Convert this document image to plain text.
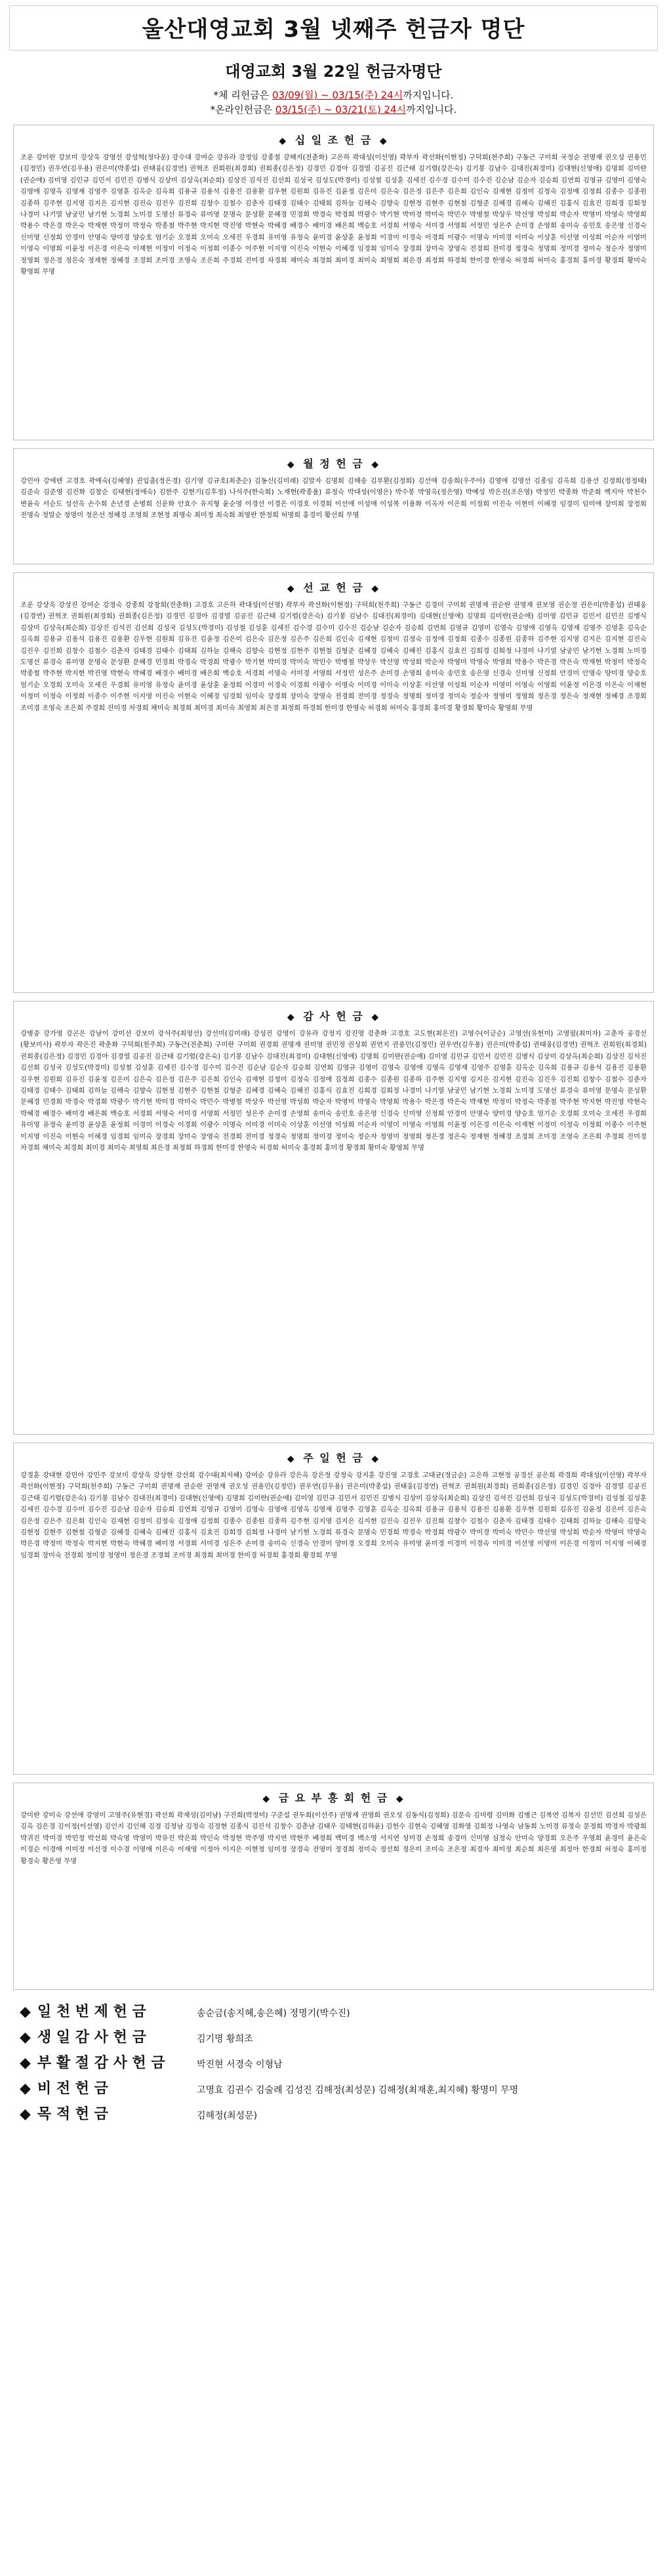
울산대영교회 3월 넷째주 헌금자 명단
대영교회 3월 22일 헌금자명단
*체 리헌금은 03/09(월) ~ 03/15(주) 24시까지입니다.
*온라인헌금은 03/15(주) ~ 03/21(토) 24시까지입니다.
◆ 십 일 조 헌 금 ◆
조운 강미란 강보미 강상욱 강영선 강성혁(정다운) 강수대 강여순 강유라 강정임 강종철 강해지(전춘화) 고은하 곽대성(이선영) 곽부자 곽선화(이현정) 구덕희(천주희) 구동근 구미희 국정순 권명재 권오성 권용민(김정민) 권우연(김우용) 권은미(박종섭) 권태웅(김경연) 권혁조 권희원(최경희) 권희종(김은정) 김경민 김경아 김경열 김공진 김근태 김기렬(강은숙) 김기봉 김남수 김대진(최경미) 김대현(신영애) 김명희 김미란(권순애) 김미영 김민규 김민서 김민진 김병식 김상미 김상옥(최순희) 김상진 김석진 김선희 김성국 김성도(박경미) 김성철 김성훈 김세진 김수경 김수미 김수진 김순남 김순자 김승희 김연희 김영규 김영미 김영숙 김영애 김영옥 김영재 김영주 김영훈 김옥순 김옥희 김용규 김용석 김용진 김용환 김우현 김원희 김유진 김윤정 김은미 김은숙 김은정 김은주 김은희 김인숙 김재현 김정미 김정숙 김정애 김정희 김종수 김종원 김종하 김주현 김지영 김지은 김지현 김진숙 김진우 김진희 김창수 김철수 김춘자 김태경 김태수 김태희 김하늘 김해숙 김향숙 김현정 김현주 김현철 김형준 김혜경 김혜숙 김혜진 김홍식 김효진 김희경 김희정 나경미 나기열 남궁민 남기현 노경희 노미경 도명선 류경숙 류미영 문명숙 문성환 문혜경 민경희 박경숙 박경희 박광수 박기현 박미경 박미숙 박민수 박병철 박상우 박선영 박성희 박순자 박영미 박영숙 박영희 박용수 박은경 박은숙 박재현 박정미 박정숙 박종철 박주현 박지현 박진영 박현숙 박혜경 배경수 배미경 배은희 백승호 서경희 서명숙 서미경 서영희 서정민 성은주 손미경 손영희 송미숙 송민호 송은영 신경숙 신미영 신정희 안경미 안명숙 양미경 양승호 엄기순 오경희 오미숙 오세진 우경희 유미영 유정숙 윤미경 윤상훈 윤정희 이경미 이경숙 이경희 이광수 이명숙 이미경 이미숙 이상훈 이선영 이성희 이순자 이영미 이영숙 이영희 이윤정 이은경 이은숙 이재현 이정미 이정숙 이정희 이종수 이주현 이지영 이진숙 이현숙 이혜경 임경희 임미숙 장경희 장미숙 장영숙 전경희 전미경 정경숙 정명희 정미경 정미숙 정순자 정영미 정영희 정은경 정은숙 정재현 정혜경 조경희 조미경 조영숙 조은희 주경희 진미경 차경희 채미숙 최경희 최미경 최미숙 최영희 최은경 최정희 하경희 한미경 한영숙 허경희 허미숙 홍경희 홍미경 황경희 황미숙 황영희 무명
◆ 월 정 헌 금 ◆
강민아 강에덴 고경호 곽애숙(김혜영) 권입출(정은경) 김기영 김규호(최춘순) 김동신(김미래) 김말자 김명희 김해송 김부환(김정희) 김선애 김송희(우주아) 김영애 김영선 김종임 김옥희 김용선 김정희(정정태) 김준숙 김준영 김진화 김창순 김태현(정애숙) 김한주 김현기(김후정) 나석주(한숙희) 노재현(곽종율) 류정숙 박대성(이영은) 박수봉 박영옥(정은영) 박예성 박은진(조은영) 박정민 박종화 박준희 백지아 박천수 변윤숙 서순도 성선옥 손수희 손년경 손병희 신운화 안효수 유지형 윤순영 이경선 이경은 이경호 이경희 이선애 이성애 이성복 이용화 이옥자 이은희 이정희 이진숙 이현미 이혜경 임경미 임미애 장미희 장정희 전명숙 정말순 정영미 정은선 정혜경 조영희 조현정 최명숙 최미정 최숙희 최영란 한정희 허명희 홍경미 황선희 무명
◆ 선 교 헌 금 ◆
조운 강상욱 강성진 강여순 강정숙 강종희 강창희(전춘화) 고경호 고은하 곽대성(이선영) 곽부자 곽선화(이현정) 구덕희(천주희) 구동근 김경미 구미희 권명재 권순란 권영재 권보영 권순정 권은미(박종섭) 권태웅(김경연) 권혁조 권희원(최경희) 권희종(김은정) 김경민 김경아 김경열 김공진 김근태 김기렬(강은숙) 김기봉 김남수 김대진(최경미) 김대현(신영애) 김명희 김미란(권순애) 김미영 김민규 김민서 김민진 김병식 김상미 김상옥(최순희) 김상진 김석진 김선희 김성국 김성도(박경미) 김성철 김성훈 김세진 김수경 김수미 김수진 김순남 김순자 김승희 김연희 김영규 김영미 김영숙 김영애 김영옥 김영재 김영주 김영훈 김옥순 김옥희 김용규 김용석 김용진 김용환 김우현 김원희 김유진 김윤정 김은미 김은숙 김은정 김은주 김은희 김인숙 김재현 김정미 김정숙 김정애 김정희 김종수 김종원 김종하 김주현 김지영 김지은 김지현 김진숙 김진우 김진희 김창수 김철수 김춘자 김태경 김태수 김태희 김하늘 김해숙 김향숙 김현정 김현주 김현철 김형준 김혜경 김혜숙 김혜진 김홍식 김효진 김희경 김희정 나경미 나기열 남궁민 남기현 노경희 노미경 도명선 류경숙 류미영 문명숙 문성환 문혜경 민경희 박경숙 박경희 박광수 박기현 박미경 박미숙 박민수 박병철 박상우 박선영 박성희 박순자 박영미 박영숙 박영희 박용수 박은경 박은숙 박재현 박정미 박정숙 박종철 박주현 박지현 박진영 박현숙 박혜경 배경수 배미경 배은희 백승호 서경희 서명숙 서미경 서영희 서정민 성은주 손미경 손영희 송미숙 송민호 송은영 신경숙 신미영 신정희 안경미 안명숙 양미경 양승호 엄기순 오경희 오미숙 오세진 우경희 유미영 유정숙 윤미경 윤상훈 윤정희 이경미 이경숙 이경희 이광수 이명숙 이미경 이미숙 이상훈 이선영 이성희 이순자 이영미 이영숙 이영희 이윤정 이은경 이은숙 이재현 이정미 이정숙 이정희 이종수 이주현 이지영 이진숙 이현숙 이혜경 임경희 임미숙 장경희 장미숙 장영숙 전경희 전미경 정경숙 정명희 정미경 정미숙 정순자 정영미 정영희 정은경 정은숙 정재현 정혜경 조경희 조미경 조영숙 조은희 주경희 진미경 차경희 채미숙 최경희 최미경 최미숙 최영희 최은경 최정희 하경희 한미경 한영숙 허경희 허미숙 홍경희 홍미경 황경희 황미숙 황영희 무명
◆ 감 사 헌 금 ◆
강병중 강가영 강곤은 강남이 강미선 강보미 강석주(최영선) 강선미(김미래) 강성진 강영이 강유라 강정지 강진영 강춘화 고경호 고도현(최은진) 고영수(이금순) 고영선(유헌미) 고영필(최미자) 고춘자 공경선(황보미사) 곽부자 곽은진 곽춘화 구덕희(천주희) 구동근(전춘희) 구미란 구미희 권경희 권명재 권미영 권민정 권성희 권연지 권용민(김정민) 권우연(김우용) 권은미(박종섭) 권태웅(김경연) 권혁조 권희원(최경희) 권희종(김은정) 김경민 김경아 김경열 김공진 김근태 김기렬(강은숙) 김기봉 김남수 김대진(최경미) 김대현(신영애) 김명희 김미란(권순애) 김미영 김민규 김민서 김민진 김병식 김상미 김상옥(최순희) 김상진 김석진 김선희 김성국 김성도(박경미) 김성철 김성훈 김세진 김수경 김수미 김수진 김순남 김순자 김승희 김연희 김영규 김영미 김영숙 김영애 김영옥 김영재 김영주 김영훈 김옥순 김옥희 김용규 김용석 김용진 김용환 김우현 김원희 김유진 김윤정 김은미 김은숙 김은정 김은주 김은희 김인숙 김재현 김정미 김정숙 김정애 김정희 김종수 김종원 김종하 김주현 김지영 김지은 김지현 김진숙 김진우 김진희 김창수 김철수 김춘자 김태경 김태수 김태희 김하늘 김해숙 김향숙 김현정 김현주 김현철 김형준 김혜경 김혜숙 김혜진 김홍식 김효진 김희경 김희정 나경미 나기열 남궁민 남기현 노경희 노미경 도명선 류경숙 류미영 문명숙 문성환 문혜경 민경희 박경숙 박경희 박광수 박기현 박미경 박미숙 박민수 박병철 박상우 박선영 박성희 박순자 박영미 박영숙 박영희 박용수 박은경 박은숙 박재현 박정미 박정숙 박종철 박주현 박지현 박진영 박현숙 박혜경 배경수 배미경 배은희 백승호 서경희 서명숙 서미경 서영희 서정민 성은주 손미경 손영희 송미숙 송민호 송은영 신경숙 신미영 신정희 안경미 안명숙 양미경 양승호 엄기순 오경희 오미숙 오세진 우경희 유미영 유정숙 윤미경 윤상훈 윤정희 이경미 이경숙 이경희 이광수 이명숙 이미경 이미숙 이상훈 이선영 이성희 이순자 이영미 이영숙 이영희 이윤정 이은경 이은숙 이재현 이정미 이정숙 이정희 이종수 이주현 이지영 이진숙 이현숙 이혜경 임경희 임미숙 장경희 장미숙 장영숙 전경희 전미경 정경숙 정명희 정미경 정미숙 정순자 정영미 정영희 정은경 정은숙 정재현 정혜경 조경희 조미경 조영숙 조은희 주경희 진미경 차경희 채미숙 최경희 최미경 최미숙 최영희 최은경 최정희 하경희 한미경 한영숙 허경희 허미숙 홍경희 홍미경 황경희 황미숙 황영희 무명
◆ 주 일 헌 금 ◆
강경훈 강대현 강민아 강민주 강보미 강상욱 강상현 강선희 강수대(최지혜) 강여순 강유라 강은옥 강은정 강정숙 강지훈 강진영 고경호 고대균(정금순) 고은하 고현정 공경선 공은희 곽경희 곽대성(이선영) 곽부자 곽선화(이현정) 구덕희(천주희) 구동근 구미희 권명재 권순란 권영재 권오성 권용민(김정민) 권우연(김우용) 권은미(박종섭) 권태웅(김경연) 권혁조 권희원(최경희) 권희종(김은정) 김경민 김경아 김경열 김공진 김근태 김기렬(강은숙) 김기봉 김남수 김대진(최경미) 김대현(신영애) 김명희 김미란(권순애) 김미영 김민규 김민서 김민진 김병식 김상미 김상옥(최순희) 김상진 김석진 김선희 김성국 김성도(박경미) 김성철 김성훈 김세진 김수경 김수미 김수진 김순남 김순자 김승희 김연희 김영규 김영미 김영숙 김영애 김영옥 김영재 김영주 김영훈 김옥순 김옥희 김용규 김용석 김용진 김용환 김우현 김원희 김유진 김윤정 김은미 김은숙 김은정 김은주 김은희 김인숙 김재현 김정미 김정숙 김정애 김정희 김종수 김종원 김종하 김주현 김지영 김지은 김지현 김진숙 김진우 김진희 김창수 김철수 김춘자 김태경 김태수 김태희 김하늘 김해숙 김향숙 김현정 김현주 김현철 김형준 김혜경 김혜숙 김혜진 김홍식 김효진 김희경 김희정 나경미 남기현 노경희 류경숙 문명숙 민경희 박경숙 박경희 박광수 박미경 박미숙 박민수 박선영 박성희 박순자 박영미 박영숙 박은경 박정미 박정숙 박지현 박현숙 박혜경 배미경 서경희 서미경 성은주 손미경 송미숙 신경숙 안경미 양미경 오경희 오미숙 유미영 윤미경 이경미 이경숙 이미경 이선영 이영미 이은경 이정미 이지영 이혜경 임경희 장미숙 전경희 정미경 정영미 정은경 조경희 조미경 최경희 최미경 한미경 허경희 홍경희 황경희 무명
◆ 금 요 부 흥 회 헌 금 ◆
강미란 강미숙 강선애 강영미 고영주(유현경) 곽선희 곽재성(김미남) 구진희(박정미) 구준섭 권두희(이선주) 권명재 권영희 권오성 김동식(김정희) 김문숙 김미령 김미화 김병근 김복연 김복자 김선민 김선희 김성은 김옥 김은경 김이정(이선영) 김인지 김인해 김정 김정남 김정숙 김정현 김종식 김진석 김창수 김춘남 김태우 김태현(김하윤) 김헌수 김현숙 김혜영 김화영 김희정 나영숙 남동희 노미경 류정숙 문정희 박경자 박광희 박귀진 박미경 박민정 박선희 박숙영 박영미 박유진 박은희 박인숙 박정현 박주영 박지연 박현주 배정희 백미경 백소영 서지연 성미경 손정희 송경미 신미영 심정숙 안미숙 양경희 오은주 우명희 윤경미 윤은숙 이경순 이경애 이미정 이선경 이수경 이영애 이은숙 이재영 이정아 이지은 이현정 임미정 장경숙 전영미 정경희 정미숙 정선희 정은미 조미숙 조은정 최경자 최미정 최순희 최은영 최정아 한경희 허정숙 홍미정 황경숙 황은영 무명
◆ 일 천 번 제 헌 금	송순금(송지혜,송은혜) 정명기(박수진)
◆ 생 일 감 사 헌 금	김기명 황희조
◆ 부 활 절 감 사 헌 금	박진현 서경숙 이형남
◆ 비 전 헌 금	고명효 김권수 김술례 김성진 김해정(최성문) 김해정(최재훈,최지혜) 황명미 무명
◆ 목 적 헌 금	김해정(최성문)
